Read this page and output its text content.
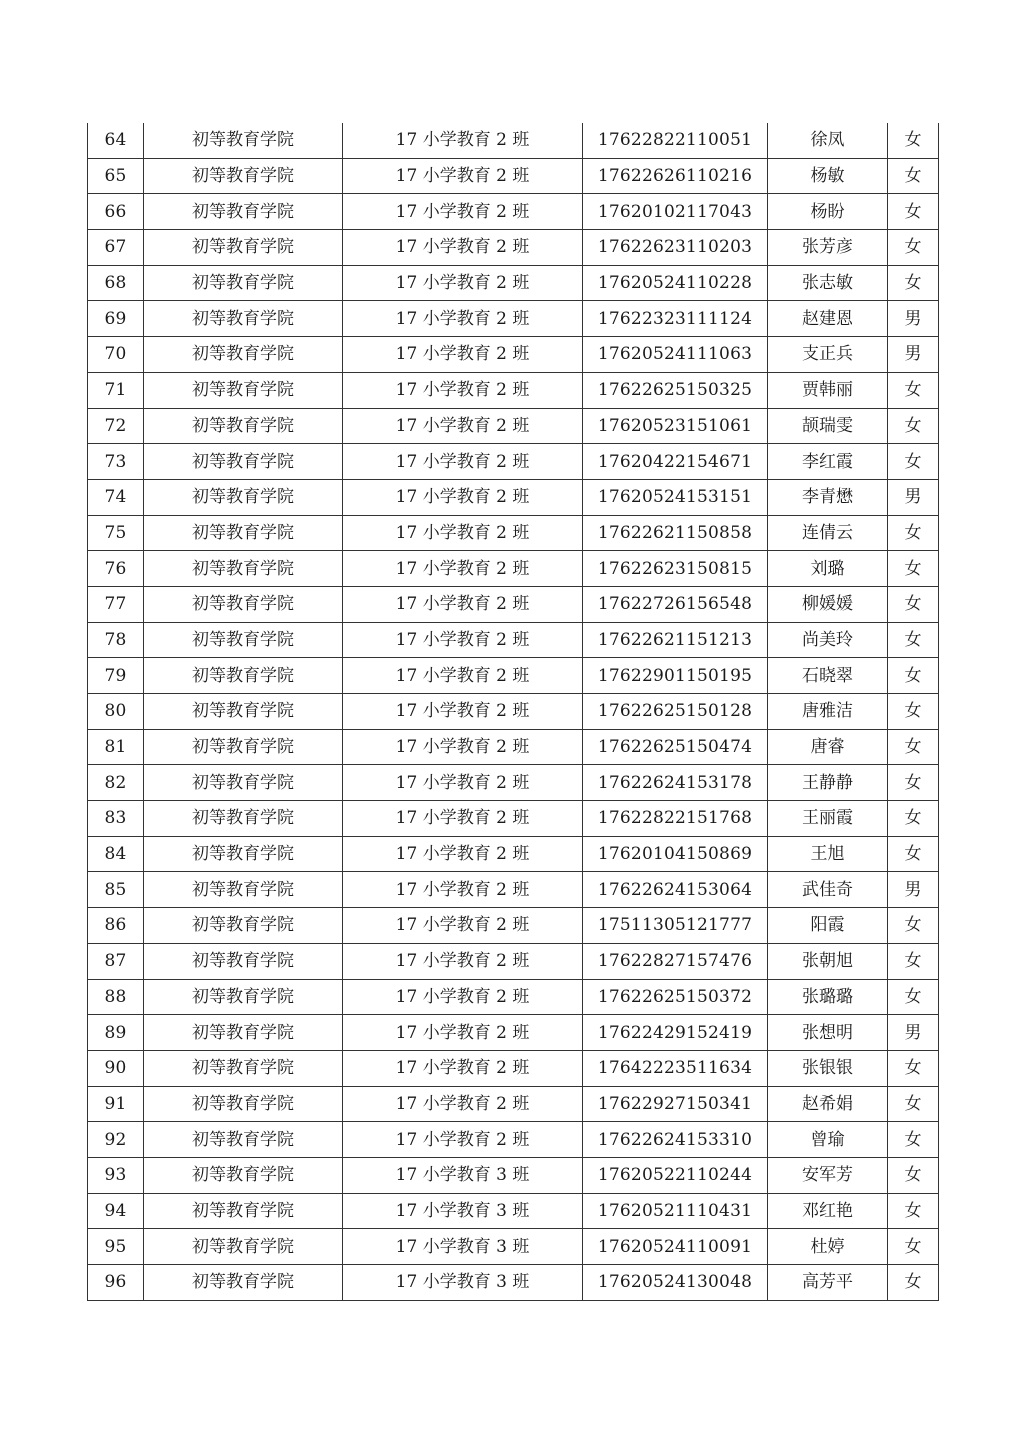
64	初等教育学院	17 小学教育 2 班	17622822110051	徐凤	女
65	初等教育学院	17 小学教育 2 班	17622626110216	杨敏	女
66	初等教育学院	17 小学教育 2 班	17620102117043	杨盼	女
67	初等教育学院	17 小学教育 2 班	17622623110203	张芳彦	女
68	初等教育学院	17 小学教育 2 班	17620524110228	张志敏	女
69	初等教育学院	17 小学教育 2 班	17622323111124	赵建恩	男
70	初等教育学院	17 小学教育 2 班	17620524111063	支正兵	男
71	初等教育学院	17 小学教育 2 班	17622625150325	贾韩丽	女
72	初等教育学院	17 小学教育 2 班	17620523151061	颉瑞雯	女
73	初等教育学院	17 小学教育 2 班	17620422154671	李红霞	女
74	初等教育学院	17 小学教育 2 班	17620524153151	李青懋	男
75	初等教育学院	17 小学教育 2 班	17622621150858	连倩云	女
76	初等教育学院	17 小学教育 2 班	17622623150815	刘璐	女
77	初等教育学院	17 小学教育 2 班	17622726156548	柳媛媛	女
78	初等教育学院	17 小学教育 2 班	17622621151213	尚美玲	女
79	初等教育学院	17 小学教育 2 班	17622901150195	石晓翠	女
80	初等教育学院	17 小学教育 2 班	17622625150128	唐雅洁	女
81	初等教育学院	17 小学教育 2 班	17622625150474	唐睿	女
82	初等教育学院	17 小学教育 2 班	17622624153178	王静静	女
83	初等教育学院	17 小学教育 2 班	17622822151768	王丽霞	女
84	初等教育学院	17 小学教育 2 班	17620104150869	王旭	女
85	初等教育学院	17 小学教育 2 班	17622624153064	武佳奇	男
86	初等教育学院	17 小学教育 2 班	17511305121777	阳霞	女
87	初等教育学院	17 小学教育 2 班	17622827157476	张朝旭	女
88	初等教育学院	17 小学教育 2 班	17622625150372	张璐璐	女
89	初等教育学院	17 小学教育 2 班	17622429152419	张想明	男
90	初等教育学院	17 小学教育 2 班	17642223511634	张银银	女
91	初等教育学院	17 小学教育 2 班	17622927150341	赵希娟	女
92	初等教育学院	17 小学教育 2 班	17622624153310	曾瑜	女
93	初等教育学院	17 小学教育 3 班	17620522110244	安军芳	女
94	初等教育学院	17 小学教育 3 班	17620521110431	邓红艳	女
95	初等教育学院	17 小学教育 3 班	17620524110091	杜婷	女
96	初等教育学院	17 小学教育 3 班	17620524130048	高芳平	女
